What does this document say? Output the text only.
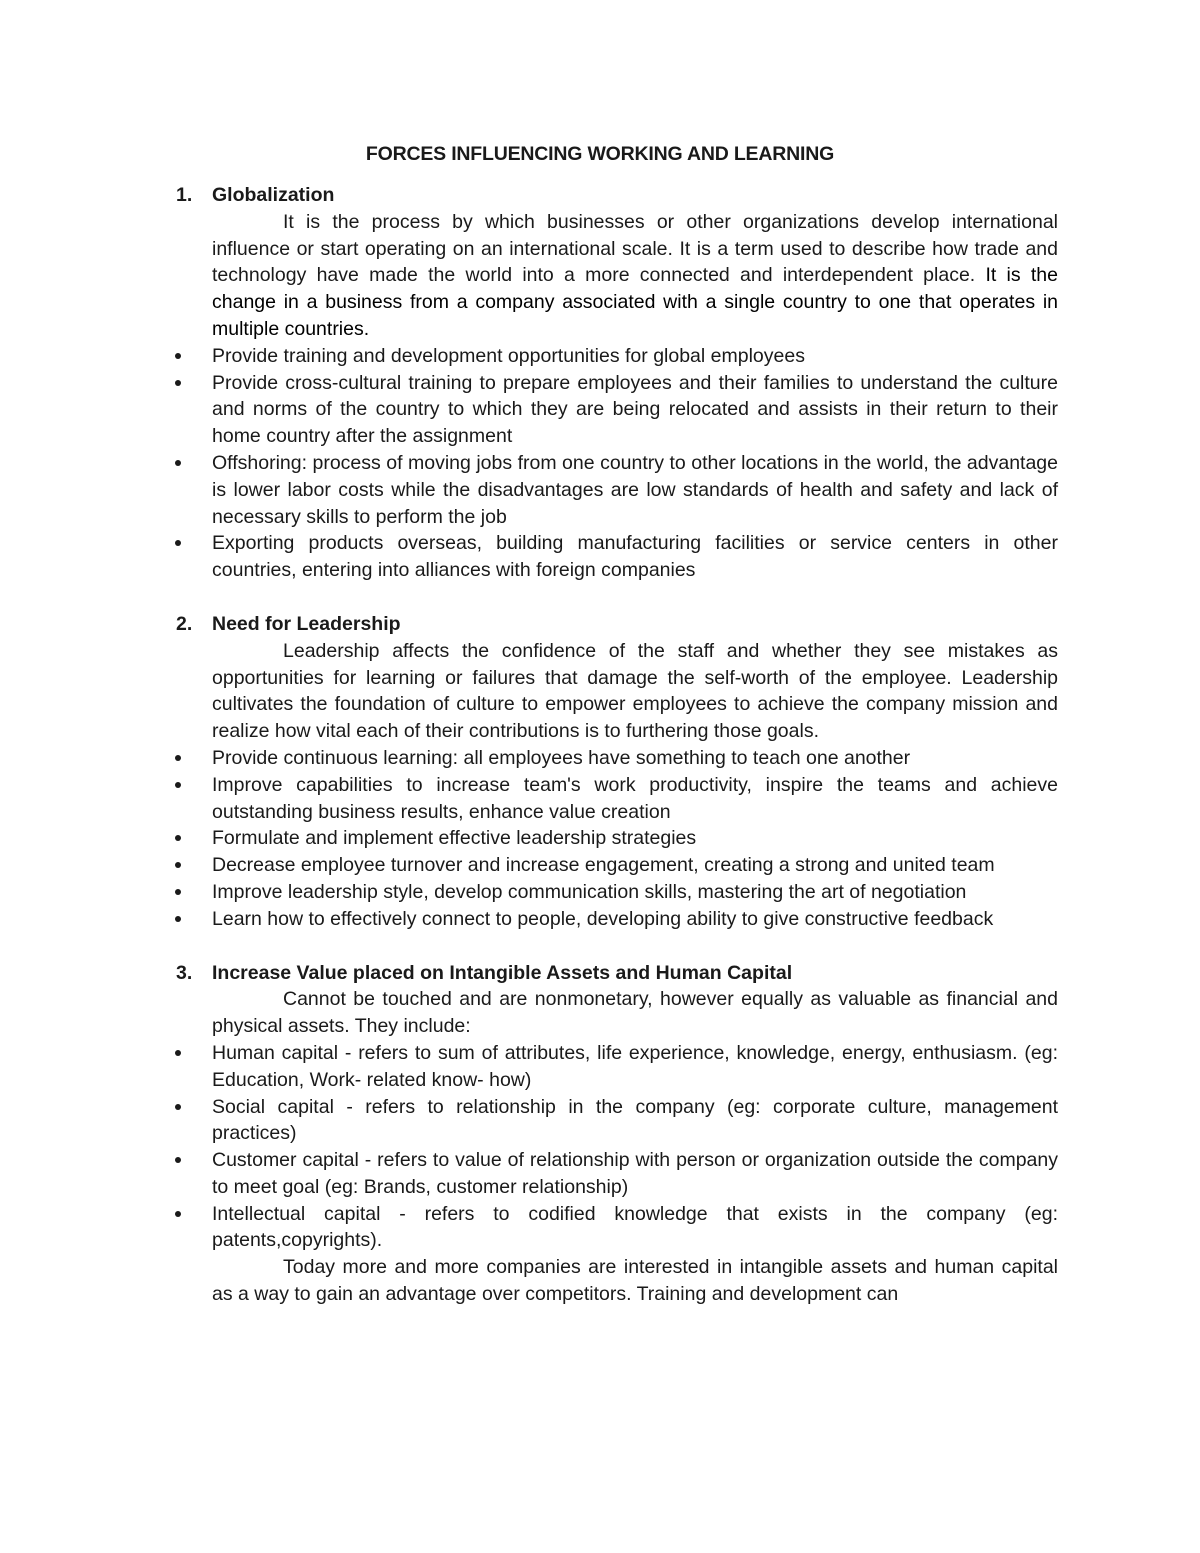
FORCES INFLUENCING WORKING AND LEARNING
1. Globalization
It is the process by which businesses or other organizations develop international influence or start operating on an international scale. It is a term used to describe how trade and technology have made the world into a more connected and interdependent place. It is the change in a business from a company associated with a single country to one that operates in multiple countries.
Provide training and development opportunities for global employees
Provide cross-cultural training to prepare employees and their families to understand the culture and norms of the country to which they are being relocated and assists in their return to their home country after the assignment
Offshoring: process of moving jobs from one country to other locations in the world, the advantage is lower labor costs while the disadvantages are low standards of health and safety and lack of necessary skills to perform the job
Exporting products overseas, building manufacturing facilities or service centers in other countries, entering into alliances with foreign companies
2. Need for Leadership
Leadership affects the confidence of the staff and whether they see mistakes as opportunities for learning or failures that damage the self-worth of the employee. Leadership cultivates the foundation of culture to empower employees to achieve the company mission and realize how vital each of their contributions is to furthering those goals.
Provide continuous learning: all employees have something to teach one another
Improve capabilities to increase team's work productivity, inspire the teams and achieve outstanding business results, enhance value creation
Formulate and implement effective leadership strategies
Decrease employee turnover and increase engagement, creating a strong and united team
Improve leadership style, develop communication skills, mastering the art of negotiation
Learn how to effectively connect to people, developing ability to give constructive feedback
3. Increase Value placed on Intangible Assets and Human Capital
Cannot be touched and are nonmonetary, however equally as valuable as financial and physical assets. They include:
Human capital - refers to sum of attributes, life experience, knowledge, energy, enthusiasm. (eg: Education, Work- related know- how)
Social capital - refers to relationship in the company (eg: corporate culture, management practices)
Customer capital - refers to value of relationship with person or organization outside the company to meet goal (eg: Brands, customer relationship)
Intellectual capital - refers to codified knowledge that exists in the company (eg: patents,copyrights).
Today more and more companies are interested in intangible assets and human capital as a way to gain an advantage over competitors. Training and development can
